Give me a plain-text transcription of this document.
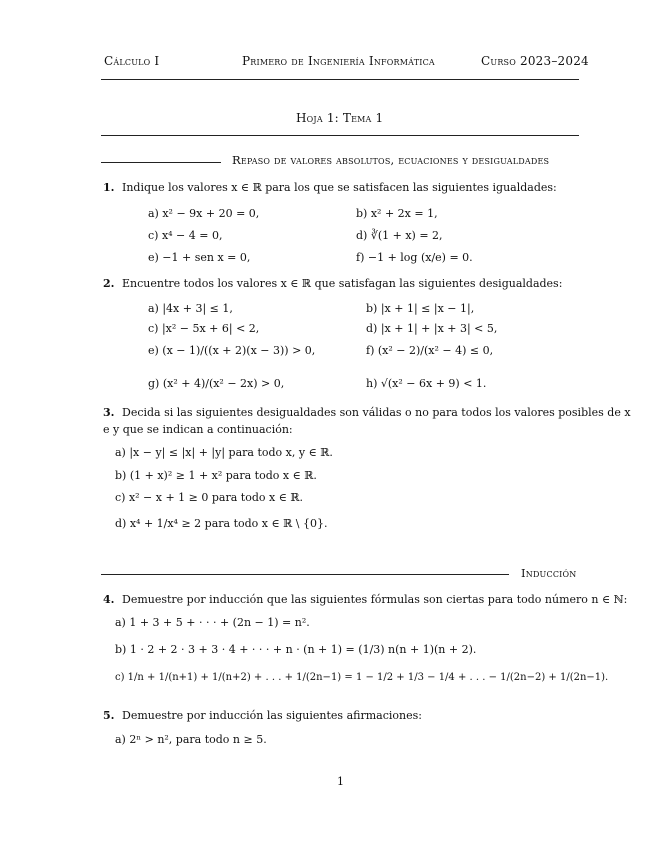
Cálculo I	Primero de Ingeniería Informática	Curso 2023–2024
Hoja 1: Tema 1
Repaso de valores absolutos, ecuaciones y desigualdades
1. Indique los valores x ∈ ℝ para los que se satisfacen las siguientes igualdades:
a) x² − 9x + 20 = 0,	b) x² + 2x = 1,
c) x⁴ − 4 = 0,	d) ∛(1 + x) = 2,
e) −1 + sen x = 0,	f) −1 + log (x/e) = 0.
2. Encuentre todos los valores x ∈ ℝ que satisfagan las siguientes desigualdades:
a) |4x + 3| ≤ 1,	b) |x + 1| ≤ |x − 1|,
c) |x² − 5x + 6| < 2,	d) |x + 1| + |x + 3| < 5,
e) (x − 1)/((x + 2)(x − 3)) > 0,	f) (x² − 2)/(x² − 4) ≤ 0,
g) (x² + 4)/(x² − 2x) > 0,	h) √(x² − 6x + 9) < 1.
3. Decida si las siguientes desigualdades son válidas o no para todos los valores posibles de x
e y que se indican a continuación:
a) |x − y| ≤ |x| + |y| para todo x, y ∈ ℝ.
b) (1 + x)² ≥ 1 + x² para todo x ∈ ℝ.
c) x² − x + 1 ≥ 0 para todo x ∈ ℝ.
d) x⁴ + 1/x⁴ ≥ 2 para todo x ∈ ℝ \ {0}.
Inducción
4. Demuestre por inducción que las siguientes fórmulas son ciertas para todo número n ∈ ℕ:
a) 1 + 3 + 5 + · · · + (2n − 1) = n².
b) 1 · 2 + 2 · 3 + 3 · 4 + · · · + n · (n + 1) = (1/3) n(n + 1)(n + 2).
c) 1/n + 1/(n+1) + 1/(n+2) + . . . + 1/(2n−1) = 1 − 1/2 + 1/3 − 1/4 + . . . − 1/(2n−2) + 1/(2n−1).
5. Demuestre por inducción las siguientes afirmaciones:
a) 2ⁿ > n², para todo n ≥ 5.
1
